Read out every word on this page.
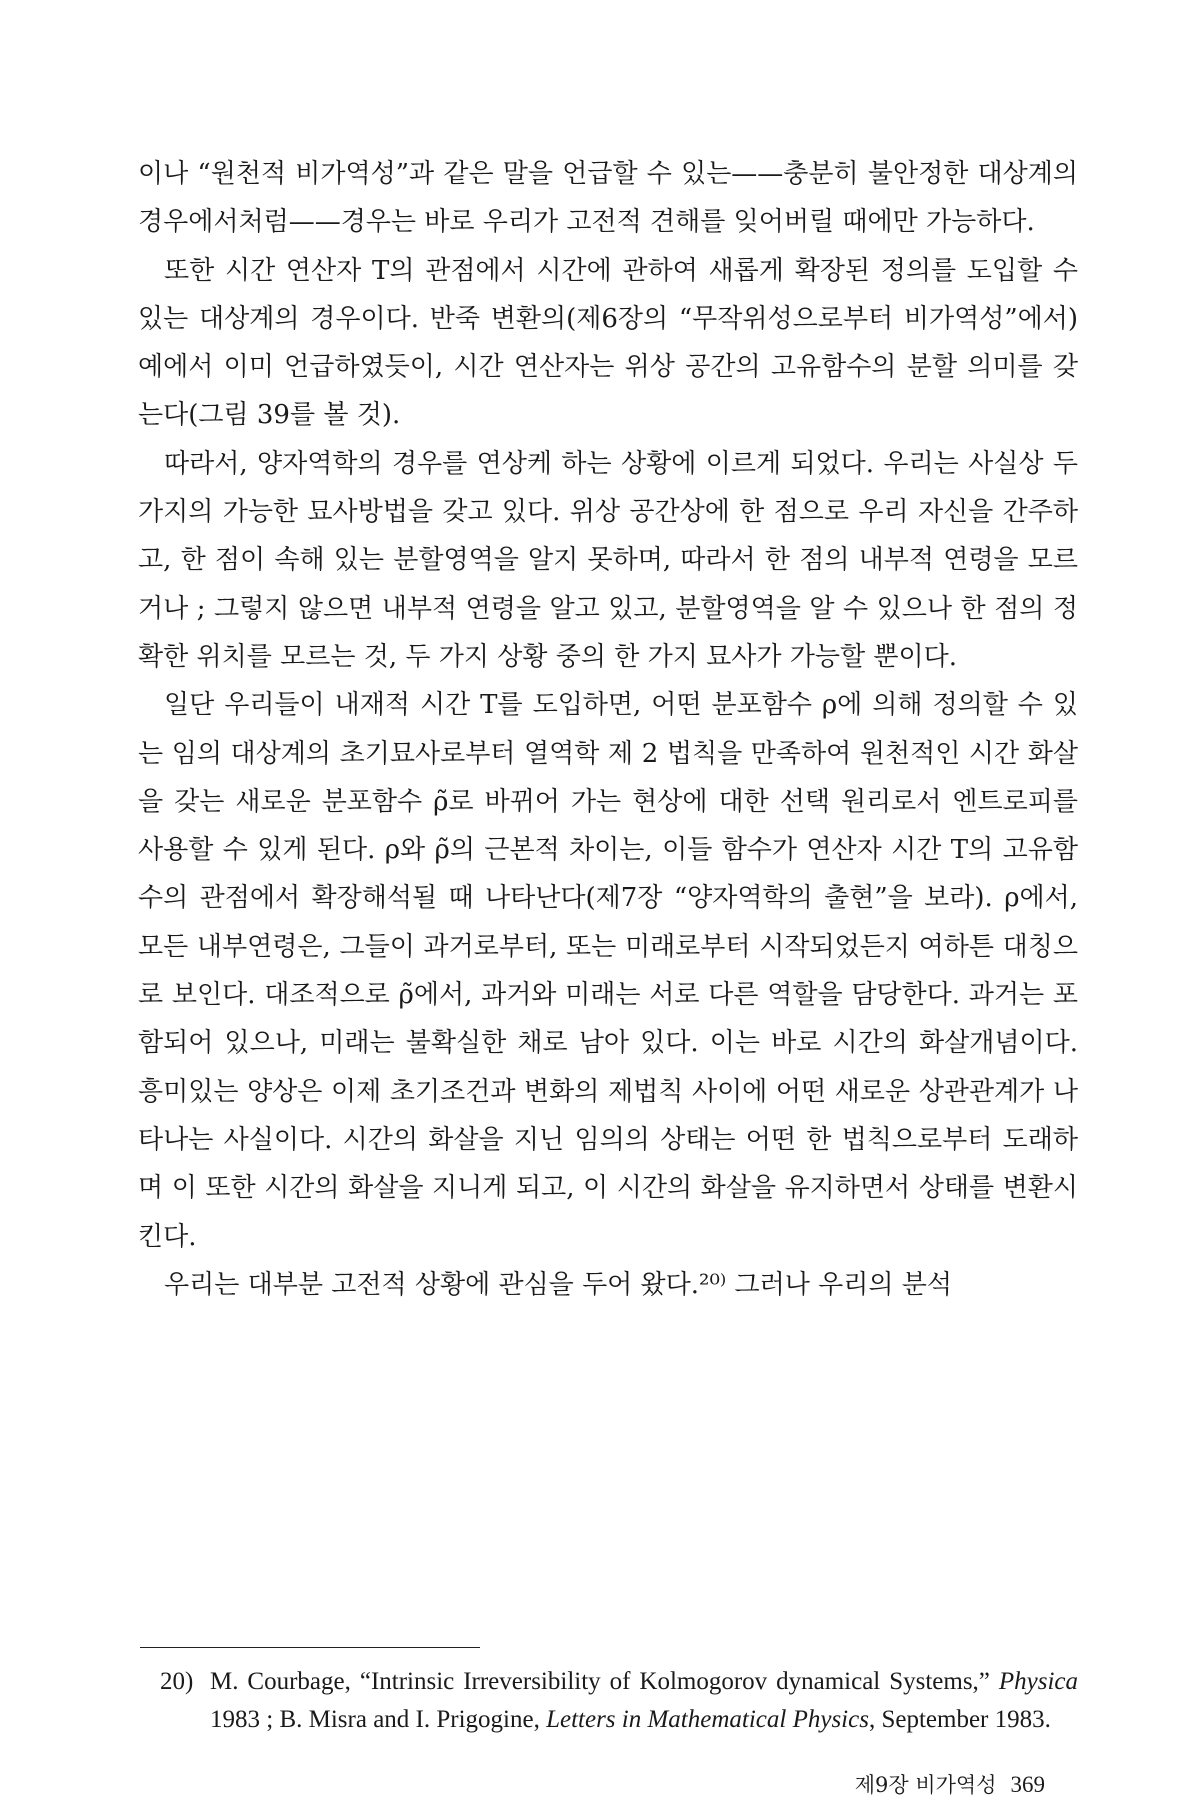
이나 “원천적 비가역성”과 같은 말을 언급할 수 있는——충분히 불안정한 대상계의 경우에서처럼——경우는 바로 우리가 고전적 견해를 잊어버릴 때에만 가능하다.

또한 시간 연산자 T의 관점에서 시간에 관하여 새롭게 확장된 정의를 도입할 수 있는 대상계의 경우이다. 반죽 변환의(제6장의 “무작위성으로부터 비가역성”에서) 예에서 이미 언급하였듯이, 시간 연산자는 위상 공간의 고유함수의 분할 의미를 갖는다(그림 39를 볼 것).

따라서, 양자역학의 경우를 연상케 하는 상황에 이르게 되었다. 우리는 사실상 두 가지의 가능한 묘사방법을 갖고 있다. 위상 공간상에 한 점으로 우리 자신을 간주하고, 한 점이 속해 있는 분할영역을 알지 못하며, 따라서 한 점의 내부적 연령을 모르거나 ; 그렇지 않으면 내부적 연령을 알고 있고, 분할영역을 알 수 있으나 한 점의 정확한 위치를 모르는 것, 두 가지 상황 중의 한 가지 묘사가 가능할 뿐이다.

일단 우리들이 내재적 시간 T를 도입하면, 어떤 분포함수 ρ에 의해 정의할 수 있는 임의 대상계의 초기묘사로부터 열역학 제 2 법칙을 만족하여 원천적인 시간 화살을 갖는 새로운 분포함수 ρ̃로 바뀌어 가는 현상에 대한 선택 원리로서 엔트로피를 사용할 수 있게 된다. ρ와 ρ̃의 근본적 차이는, 이들 함수가 연산자 시간 T의 고유함수의 관점에서 확장해석될 때 나타난다(제7장 “양자역학의 출현”을 보라). ρ에서, 모든 내부연령은, 그들이 과거로부터, 또는 미래로부터 시작되었든지 여하튼 대칭으로 보인다. 대조적으로 ρ̃에서, 과거와 미래는 서로 다른 역할을 담당한다. 과거는 포함되어 있으나, 미래는 불확실한 채로 남아 있다. 이는 바로 시간의 화살개념이다. 흥미있는 양상은 이제 초기조건과 변화의 제법칙 사이에 어떤 새로운 상관관계가 나타나는 사실이다. 시간의 화살을 지닌 임의의 상태는 어떤 한 법칙으로부터 도래하며 이 또한 시간의 화살을 지니게 되고, 이 시간의 화살을 유지하면서 상태를 변환시킨다.

우리는 대부분 고전적 상황에 관심을 두어 왔다.²⁰⁾ 그러나 우리의 분석

20) M. Courbage, “Intrinsic Irreversibility of Kolmogorov dynamical Systems,” Physica 1983 ; B. Misra and I. Prigogine, Letters in Mathematical Physics, September 1983.
제9장 비가역성 369
